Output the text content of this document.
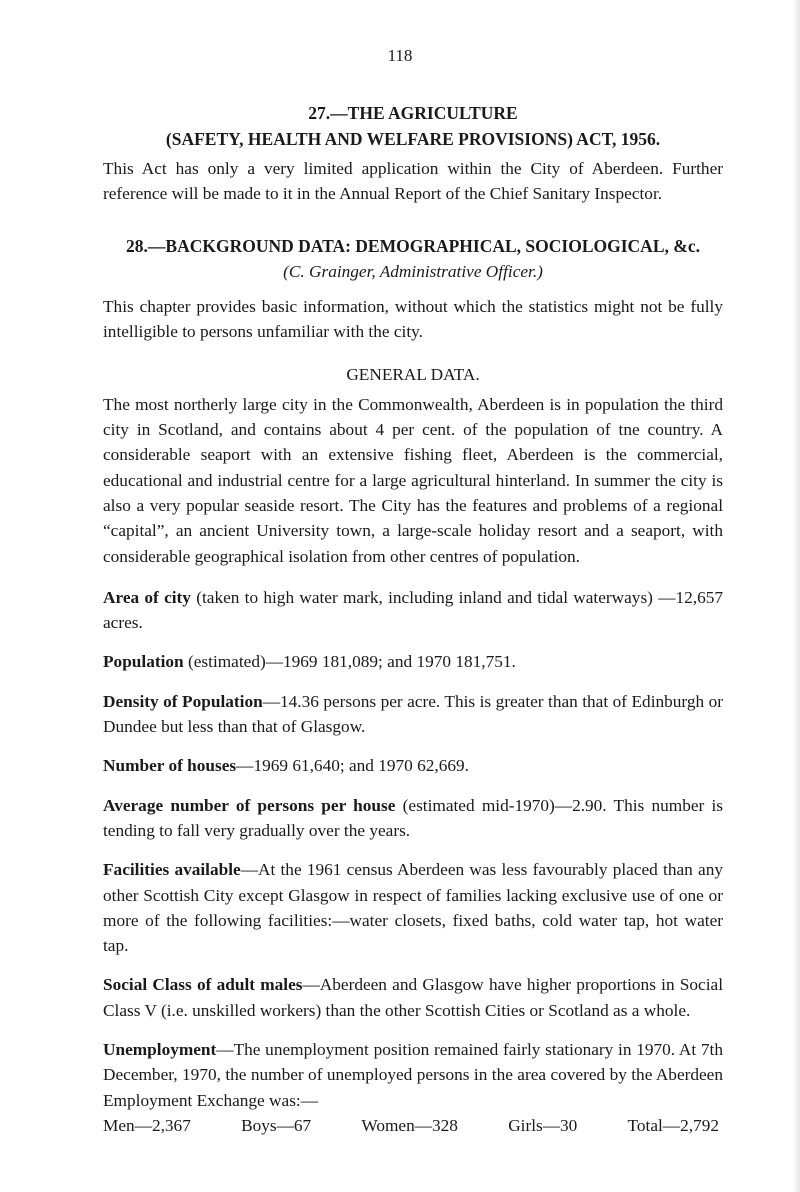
118
27.—THE AGRICULTURE
(SAFETY, HEALTH AND WELFARE PROVISIONS) ACT, 1956.

This Act has only a very limited application within the City of Aberdeen. Further reference will be made to it in the Annual Report of the Chief Sanitary Inspector.

28.—BACKGROUND DATA: DEMOGRAPHICAL, SOCIOLOGICAL, &c.

(C. Grainger, Administrative Officer.)

This chapter provides basic information, without which the statistics might not be fully intelligible to persons unfamiliar with the city.

GENERAL DATA.

The most northerly large city in the Commonwealth, Aberdeen is in population the third city in Scotland, and contains about 4 per cent. of the population of tne country. A considerable seaport with an extensive fishing fleet, Aberdeen is the commercial, educational and industrial centre for a large agricultural hinterland. In summer the city is also a very popular seaside resort. The City has the features and problems of a regional “capital”, an ancient University town, a large-scale holiday resort and a seaport, with considerable geographical isolation from other centres of population.

Area of city (taken to high water mark, including inland and tidal waterways) —12,657 acres.

Population (estimated)—1969 181,089; and 1970 181,751.

Density of Population—14.36 persons per acre. This is greater than that of Edinburgh or Dundee but less than that of Glasgow.

Number of houses—1969 61,640; and 1970 62,669.

Average number of persons per house (estimated mid-1970)—2.90. This number is tending to fall very gradually over the years.

Facilities available—At the 1961 census Aberdeen was less favourably placed than any other Scottish City except Glasgow in respect of families lacking exclusive use of one or more of the following facilities:—water closets, fixed baths, cold water tap, hot water tap.

Social Class of adult males—Aberdeen and Glasgow have higher proportions in Social Class V (i.e. unskilled workers) than the other Scottish Cities or Scotland as a whole.

Unemployment—The unemployment position remained fairly stationary in 1970. At 7th December, 1970, the number of unemployed persons in the area covered by the Aberdeen Employment Exchange was:—

Men—2,367	Boys—67	Women—328	Girls—30	Total—2,792
